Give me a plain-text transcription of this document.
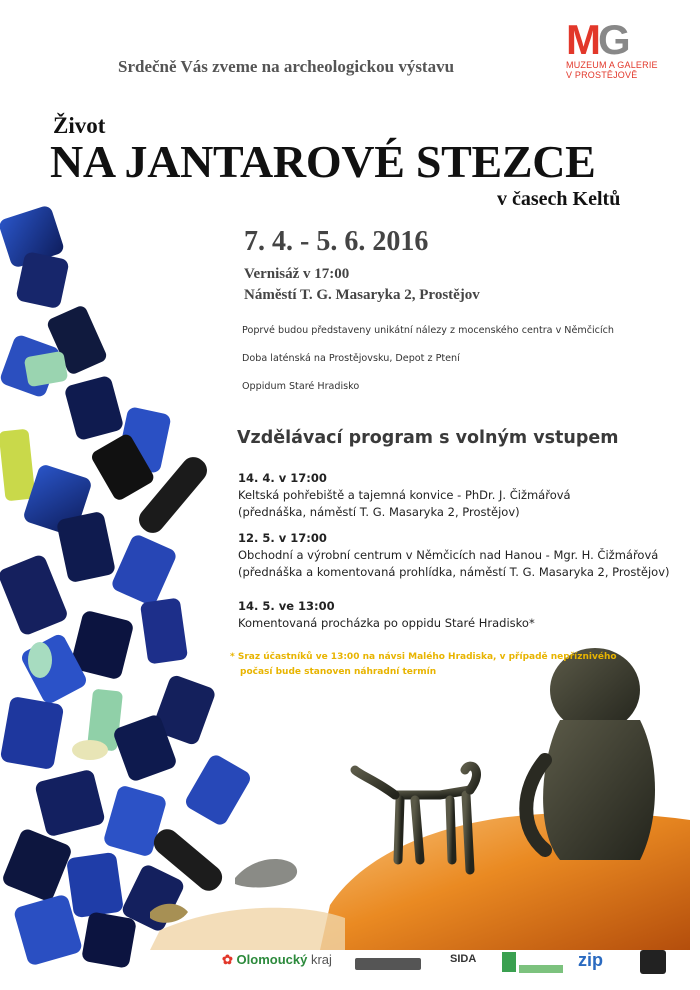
MG
MUZEUM A GALERIE
V PROSTĚJOVĚ
Srdečně Vás zveme na archeologickou výstavu
Život
NA JANTAROVÉ STEZCE
v časech Keltů
7. 4. - 5. 6. 2016
Vernisáž v 17:00
Náměstí T. G. Masaryka 2, Prostějov
Poprvé budou představeny unikátní nálezy z mocenského centra v Němčicích
Doba laténská na Prostějovsku, Depot z Ptení
Oppidum Staré Hradisko
Vzdělávací program s volným vstupem
14. 4. v 17:00
Keltská pohřebiště a tajemná konvice - PhDr. J. Čižmářová
(přednáška, náměstí T. G. Masaryka 2, Prostějov)
12. 5. v 17:00
Obchodní a výrobní centrum v Němčicích nad Hanou - Mgr. H. Čižmářová
(přednáška a komentovaná prohlídka, náměstí T. G. Masaryka 2, Prostějov)
14. 5. ve 13:00
Komentovaná procházka po oppidu Staré Hradisko*
* Sraz účastníků ve 13:00 na návsi Malého Hradiska, v případě nepříznivého
počasí bude stanoven náhradní termín
✿ Olomoucký kraj	SIDA
	zip
